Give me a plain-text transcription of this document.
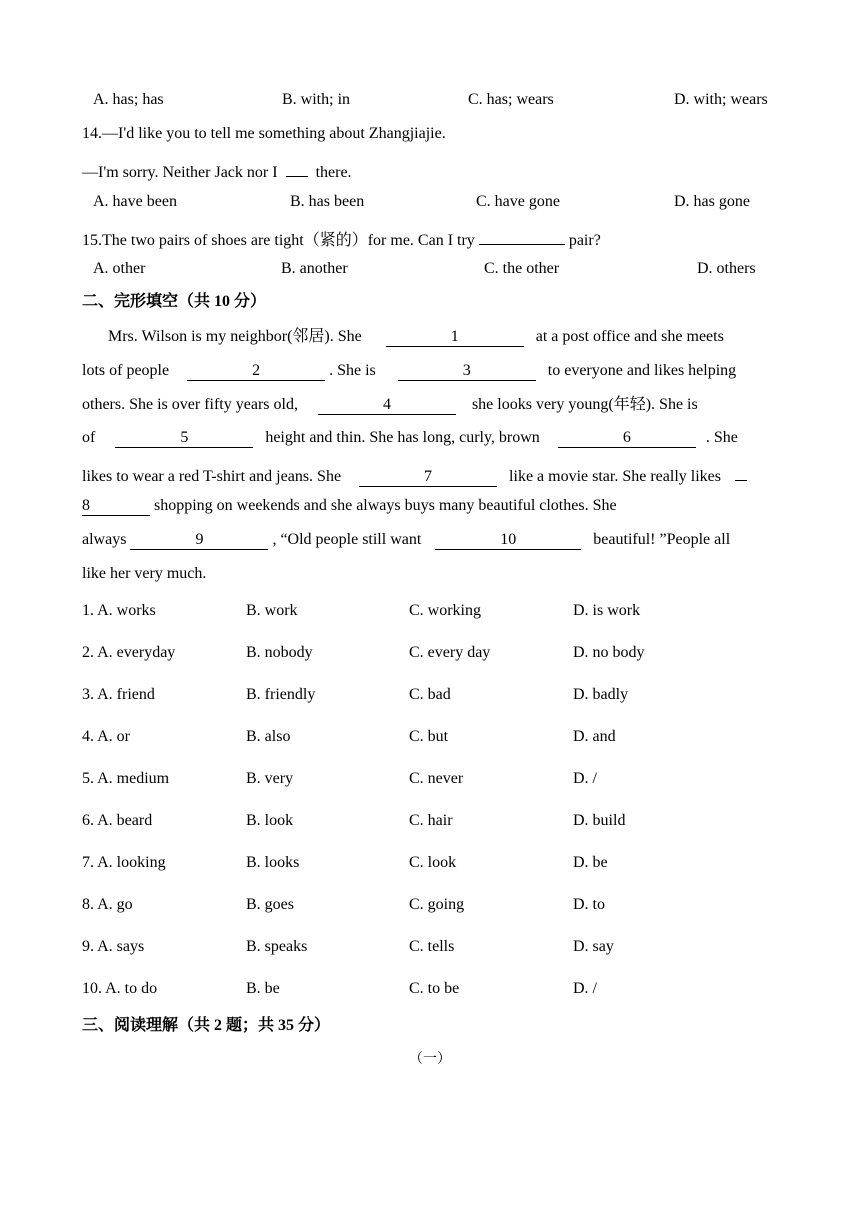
A. has; has	B. with; in	C. has; wears	D. with; wears
14.—I'd like you to tell me something about Zhangjiajie.
—I'm sorry. Neither Jack nor I there.
A. have been	B. has been	C. have gone	D. has gone
15.The two pairs of shoes are tight（紧的）for me. Can I try	pair?
A. other	B. another	C. the other	D. others
二、完形填空（共 10 分）
Mrs. Wilson is my neighbor(邻居). She	1	at a post office and she meets
lots of people	2	. She is	3	to everyone and likes helping
others. She is over fifty years old,	4	she looks very young(年轻). She is
of	5	height and thin. She has long, curly, brown	6	. She
likes to wear a red T-shirt and jeans. She	7	like a movie star. She really likes
8	shopping on weekends and she always buys many beautiful clothes. She
always	9	, “Old people still want	10	beautiful! ”People all
like her very much.
1. A. works	B. work	C. working	D. is work
2. A. everyday	B. nobody	C. every day	D. no body
3. A. friend	B. friendly	C. bad	D. badly
4. A. or	B. also	C. but	D. and
5. A. medium	B. very	C. never	D. /
6. A. beard	B. look	C. hair	D. build
7. A. looking	B. looks	C. look	D. be
8. A. go	B. goes	C. going	D. to
9. A. says	B. speaks	C. tells	D. say
10. A. to do	B. be	C. to be	D. /
三、阅读理解（共 2 题；共 35 分）
（一）
